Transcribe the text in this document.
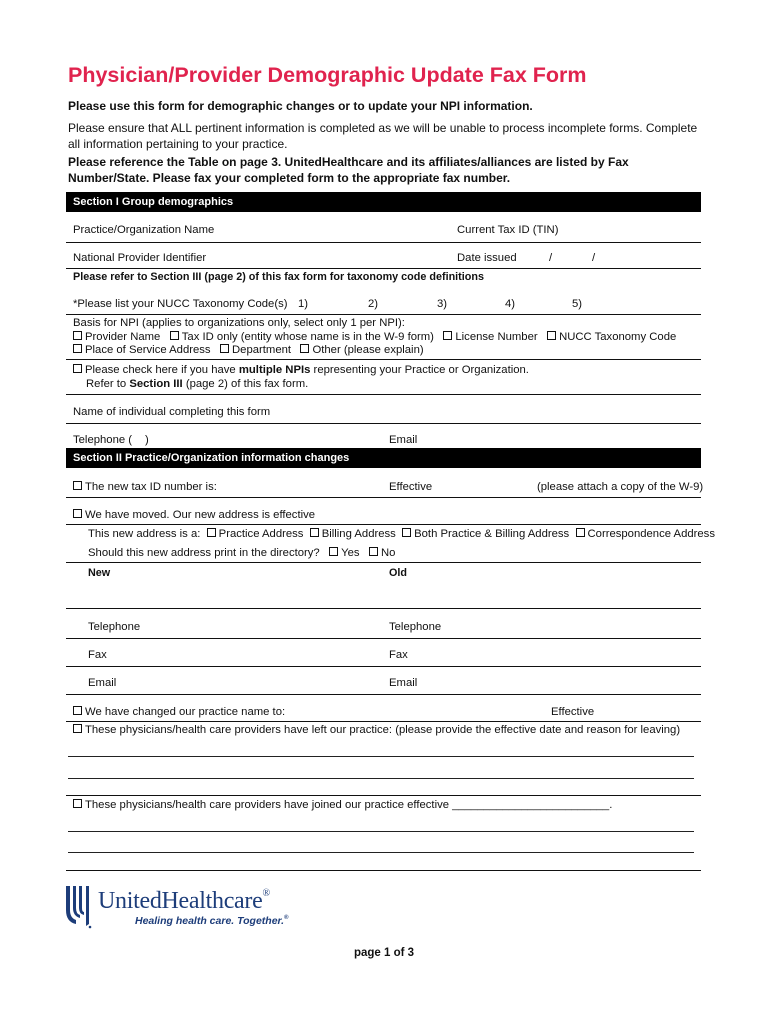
Physician/Provider Demographic Update Fax Form
Please use this form for demographic changes or to update your NPI information.
Please ensure that ALL pertinent information is completed as we will be unable to process incomplete forms. Complete all information pertaining to your practice.
Please reference the Table on page 3. UnitedHealthcare and its affiliates/alliances are listed by Fax Number/State. Please fax your completed form to the appropriate fax number.
Section I Group demographics
Practice/Organization Name	Current Tax ID (TIN)
National Provider Identifier	Date issued	/	/
Please refer to Section III (page 2) of this fax form for taxonomy code definitions
*Please list your NUCC Taxonomy Code(s) 1)	2)	3)	4)	5)
Basis for NPI (applies to organizations only, select only 1 per NPI):
Provider Name Tax ID only (entity whose name is in the W-9 form) License Number NUCC Taxonomy Code
Place of Service Address Department Other (please explain)
Please check here if you have multiple NPIs representing your Practice or Organization.
Refer to Section III (page 2) of this fax form.
Name of individual completing this form
Telephone ( )	Email
Section II Practice/Organization information changes
The new tax ID number is:	Effective	(please attach a copy of the W-9)
We have moved. Our new address is effective
This new address is a: Practice Address Billing Address Both Practice & Billing Address Correspondence Address
Should this new address print in the directory? Yes No
New	Old
Telephone	Telephone
Fax	Fax
Email	Email
We have changed our practice name to:	Effective
These physicians/health care providers have left our practice: (please provide the effective date and reason for leaving)
These physicians/health care providers have joined our practice effective _________________________.
UnitedHealthcare®
Healing health care. Together.®
page 1 of 3
